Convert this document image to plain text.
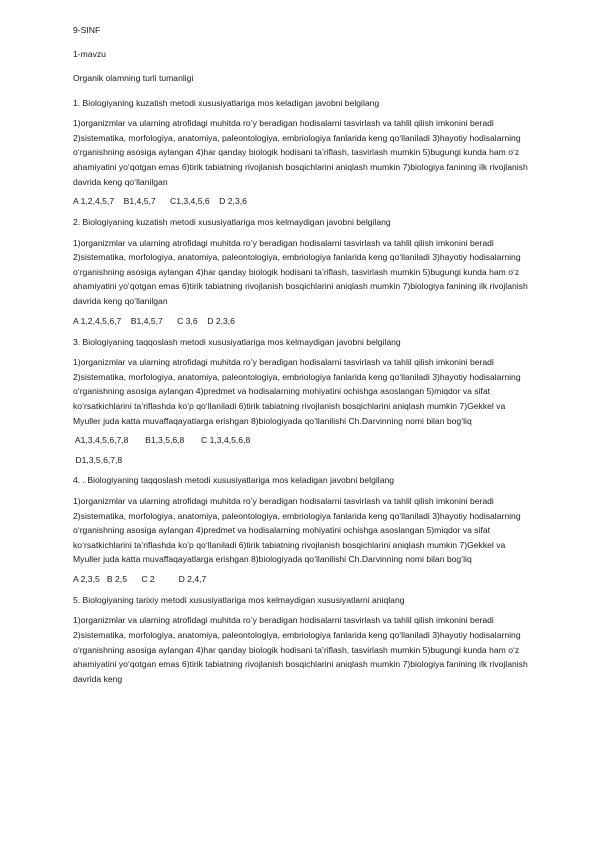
9-SINF

1-mavzu

Organik olamning turli tumanligi

1. Biologiyaning kuzatish metodi xususiyatlariga mos keladigan javobni belgilang

1)organizmlar va ularning atrofidagi muhitda ro’y beradigan hodisalarni tasvirlash va tahlil qilish imkonini beradi 2)sistematika, morfologiya, anatomiya, paleontologiya, embriologiya fanlarida keng qo‘llaniladi 3)hayotiy hodisalarning o‘rganishning asosiga aylangan 4)har qanday biologik hodisani ta’riflash, tasvirlash mumkin 5)bugungi kunda ham o‘z ahamiyatini yo‘qotgan emas 6)tirik tabiatning rivojlanish bosqichlarini aniqlash mumkin 7)biologiya fanining ilk rivojlanish davrida keng qo‘llanilgan

A 1,2,4,5,7    B1,4,5,7      C1,3,4,5,6    D 2,3,6

2. Biologiyaning kuzatish metodi xususiyatlariga mos kelmaydigan javobni belgilang

1)organizmlar va ularning atrofidagi muhitda ro’y beradigan hodisalarni tasvirlash va tahlil qilish imkonini beradi 2)sistematika, morfologiya, anatomiya, paleontologiya, embriologiya fanlarida keng qo‘llaniladi 3)hayotiy hodisalarning o‘rganishning asosiga aylangan 4)har qanday biologik hodisani ta’riflash, tasvirlash mumkin 5)bugungi kunda ham o‘z ahamiyatini yo‘qotgan emas 6)tirik tabiatning rivojlanish bosqichlarini aniqlash mumkin 7)biologiya fanining ilk rivojlanish davrida keng qo‘llanilgan

A 1,2,4,5,6,7    B1,4,5,7      C 3,6    D 2,3,6

3. Biologiyaning taqqoslash metodi xususiyatlariga mos kelmaydigan javobni belgilang

1)organizmlar va ularning atrofidagi muhitda ro’y beradigan hodisalarni tasvirlash va tahlil qilish imkonini beradi 2)sistematika, morfologiya, anatomiya, paleontologiya, embriologiya fanlarida keng qo‘llaniladi 3)hayotiy hodisalarning o‘rganishning asosiga aylangan 4)predmet va hodisalarning mohiyatini ochishga asoslangan 5)miqdor va sifat ko‘rsatkichlarini ta’riflashda ko’p qo‘llaniladi 6)tirik tabiatning rivojlanish bosqichlarini aniqlash mumkin 7)Gekkel va Myuller juda katta muvaffaqayatlarga erishgan 8)biologiyada qo‘llanilishi Ch.Darvinning nomi bilan bog‘liq

A1,3,4,5,6,7,8       B1,3,5,6,8       C 1,3,4,5,6,8

D1,3,5,6,7,8

4. . Biologiyaning taqqoslash metodi xususiyatlariga mos keladigan javobni belgilang

1)organizmlar va ularning atrofidagi muhitda ro’y beradigan hodisalarni tasvirlash va tahlil qilish imkonini beradi 2)sistematika, morfologiya, anatomiya, paleontologiya, embriologiya fanlarida keng qo‘llaniladi 3)hayotiy hodisalarning o‘rganishning asosiga aylangan 4)predmet va hodisalarning mohiyatini ochishga asoslangan 5)miqdor va sifat ko‘rsatkichlarini ta’riflashda ko’p qo‘llaniladi 6)tirik tabiatning rivojlanish bosqichlarini aniqlash mumkin 7)Gekkel va Myuller juda katta muvaffaqayatlarga erishgan 8)biologiyada qo‘llanilishi Ch.Darvinning nomi bilan bog‘liq

A 2,3,5   B 2,5      C 2          D 2,4,7

5. Biologiyaning tarixiy metodi xususiyatlariga mos kelmaydigan xususiyatlarni aniqlang

1)organizmlar va ularning atrofidagi muhitda ro’y beradigan hodisalarni tasvirlash va tahlil qilish imkonini beradi 2)sistematika, morfologiya, anatomiya, paleontologiya, embriologiya fanlarida keng qo‘llaniladi 3)hayotiy hodisalarning o‘rganishning asosiga aylangan 4)har qanday biologik hodisani ta’riflash, tasvirlash mumkin 5)bugungi kunda ham o‘z ahamiyatini yo‘qotgan emas 6)tirik tabiatning rivojlanish bosqichlarini aniqlash mumkin 7)biologiya fanining ilk rivojlanish davrida keng
